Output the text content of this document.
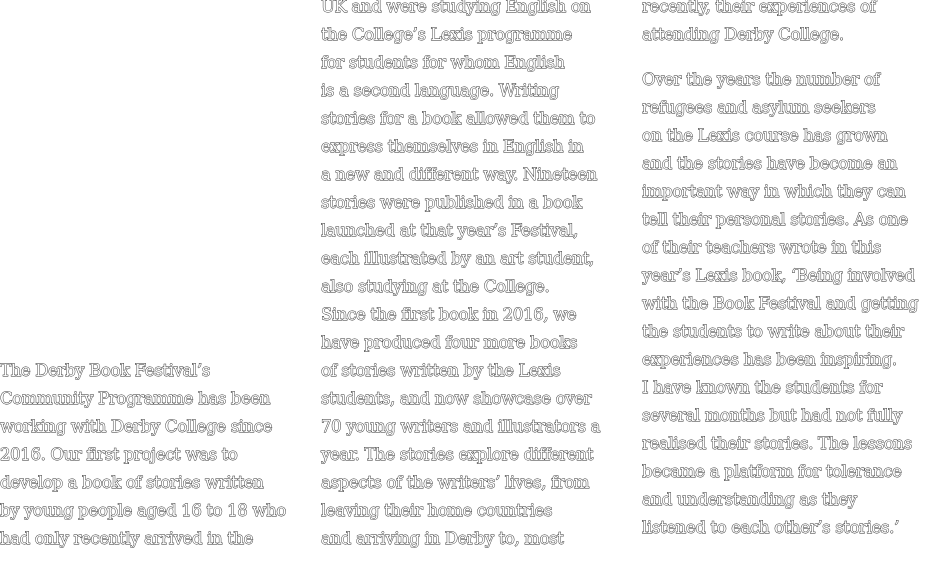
The Derby Book Festival’s
Community Programme has been
working with Derby College since
2016. Our first project was to
develop a book of stories written
by young people aged 16 to 18 who
had only recently arrived in the

UK and were studying English on
the College’s Lexis programme
for students for whom English
is a second language. Writing
stories for a book allowed them to
express themselves in English in
a new and different way. Nineteen
stories were published in a book
launched at that year’s Festival,
each illustrated by an art student,
also studying at the College.
Since the first book in 2016, we
have produced four more books
of stories written by the Lexis
students, and now showcase over
70 young writers and illustrators a
year. The stories explore different
aspects of the writers’ lives, from
leaving their home countries
and arriving in Derby to, most

recently, their experiences of
attending Derby College.

Over the years the number of
refugees and asylum seekers
on the Lexis course has grown
and the stories have become an
important way in which they can
tell their personal stories. As one
of their teachers wrote in this
year’s Lexis book, ‘Being involved
with the Book Festival and getting
the students to write about their
experiences has been inspiring.
I have known the students for
several months but had not fully
realised their stories. The lessons
became a platform for tolerance
and understanding as they
listened to each other’s stories.’
